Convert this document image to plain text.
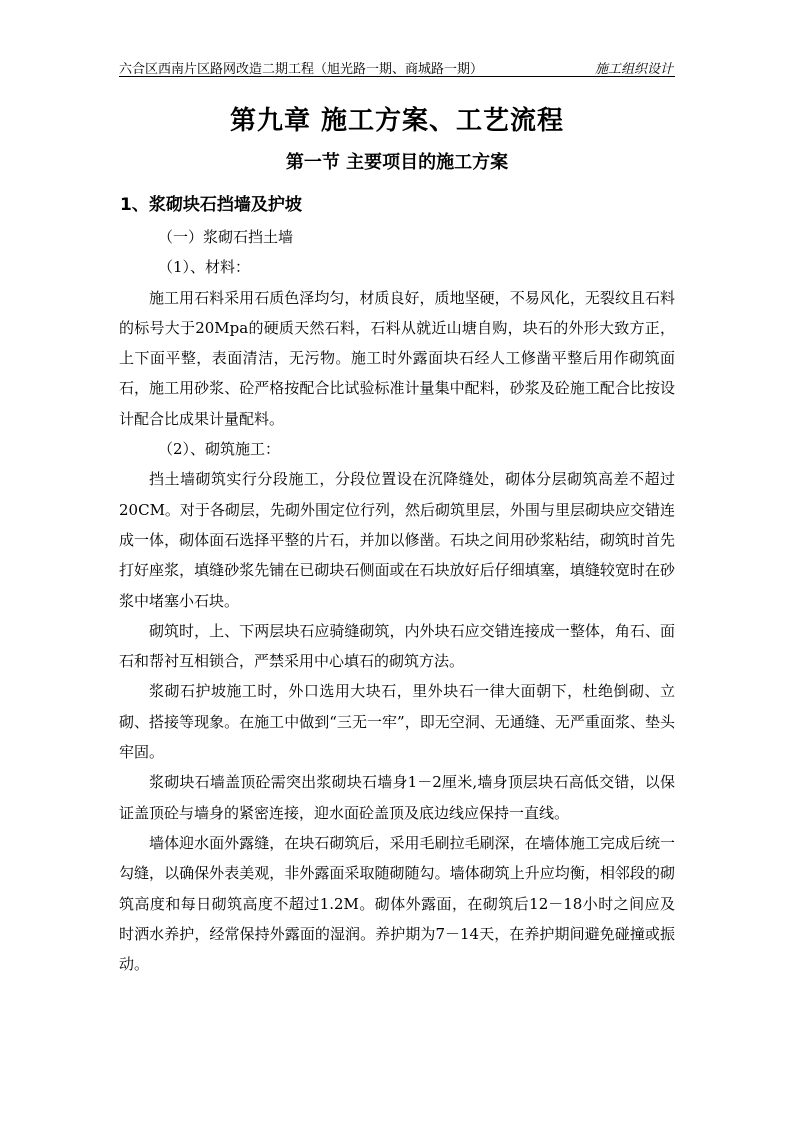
六合区西南片区路网改造二期工程（旭光路一期、商城路一期）	施工组织设计
第九章 施工方案、工艺流程
第一节 主要项目的施工方案
1、浆砌块石挡墙及护坡

（一）浆砌石挡土墙

（1）、材料：

施工用石料采用石质色泽均匀，材质良好，质地坚硬，不易风化，无裂纹且石料的标号大于20Mpa的硬质天然石料，石料从就近山塘自购，块石的外形大致方正，上下面平整，表面清洁，无污物。施工时外露面块石经人工修凿平整后用作砌筑面石，施工用砂浆、砼严格按配合比试验标准计量集中配料，砂浆及砼施工配合比按设计配合比成果计量配料。

（2）、砌筑施工：

挡土墙砌筑实行分段施工，分段位置设在沉降缝处，砌体分层砌筑高差不超过20CM。对于各砌层，先砌外围定位行列，然后砌筑里层，外围与里层砌块应交错连成一体，砌体面石选择平整的片石，并加以修凿。石块之间用砂浆粘结，砌筑时首先打好座浆，填缝砂浆先铺在已砌块石侧面或在石块放好后仔细填塞，填缝较宽时在砂浆中堵塞小石块。

砌筑时，上、下两层块石应骑缝砌筑，内外块石应交错连接成一整体，角石、面石和帮衬互相锁合，严禁采用中心填石的砌筑方法。

浆砌石护坡施工时，外口选用大块石，里外块石一律大面朝下，杜绝倒砌、立砌、搭接等现象。在施工中做到“三无一牢”，即无空洞、无通缝、无严重面浆、垫头牢固。

浆砌块石墙盖顶砼需突出浆砌块石墙身1－2厘米,墙身顶层块石高低交错，以保证盖顶砼与墙身的紧密连接，迎水面砼盖顶及底边线应保持一直线。

墙体迎水面外露缝，在块石砌筑后，采用毛刷拉毛刷深，在墙体施工完成后统一勾缝，以确保外表美观，非外露面采取随砌随勾。墙体砌筑上升应均衡，相邻段的砌筑高度和每日砌筑高度不超过1.2M。砌体外露面，在砌筑后12－18小时之间应及时洒水养护，经常保持外露面的湿润。养护期为7－14天，在养护期间避免碰撞或振动。
